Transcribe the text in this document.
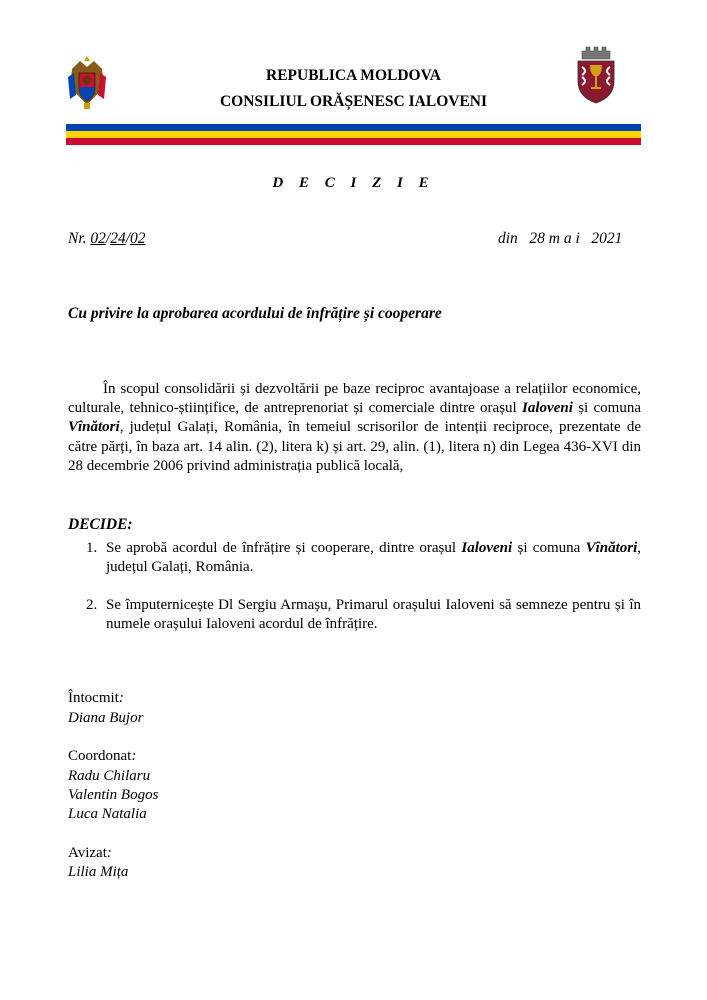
REPUBLICA MOLDOVA
CONSILIUL ORĂȘENESC IALOVENI
D E C I Z I E
Nr. 02/24/02	din   28 m a i   2021
Cu privire la aprobarea acordului de înfrățire și cooperare

În scopul consolidării și dezvoltării pe baze reciproc avantajoase a relațiilor economice, culturale, tehnico-științifice, de antreprenoriat și comerciale dintre orașul Ialoveni și comuna Vînători, județul Galați, România, în temeiul scrisorilor de intenții reciproce, prezentate de către părți, în baza art. 14 alin. (2), litera k) și art. 29, alin. (1), litera n) din Legea 436-XVI din 28 decembrie 2006 privind administrația publică locală,

DECIDE:
1. Se aprobă acordul de înfrățire și cooperare, dintre orașul Ialoveni și comuna Vînători, județul Galați, România.
2. Se împuternicește Dl Sergiu Armașu, Primarul orașului Ialoveni să semneze pentru și în numele orașului Ialoveni acordul de înfrățire.
Întocmit:
Diana Bujor
Coordonat:
Radu Chilaru
Valentin Bogos
Luca Natalia
Avizat:
Lilia Mița
